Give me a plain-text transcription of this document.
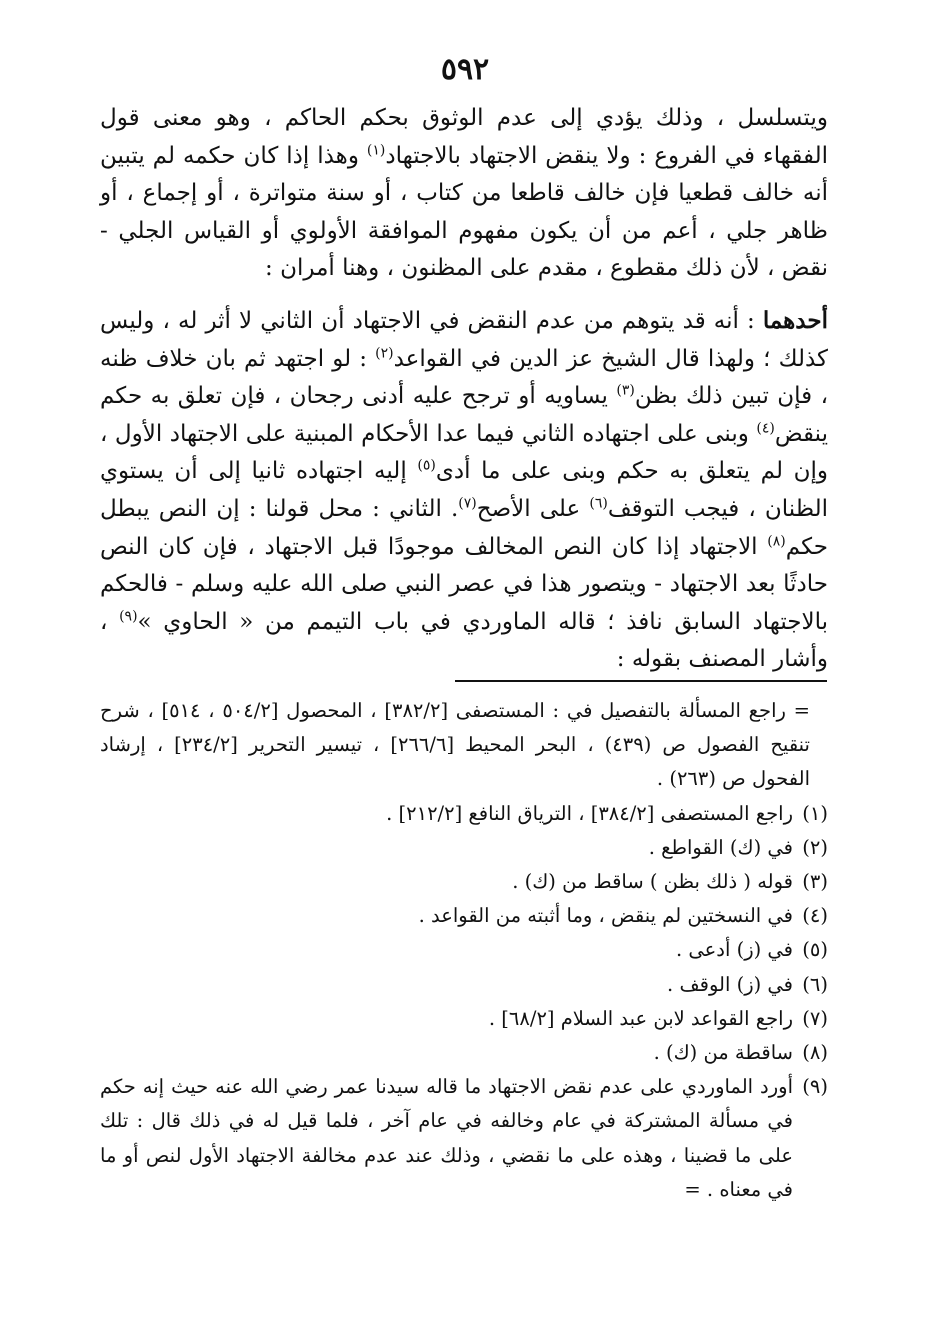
٥٩٢

ويتسلسل ، وذلك يؤدي إلى عدم الوثوق بحكم الحاكم ، وهو معنى قول الفقهاء في الفروع : ولا ينقض الاجتهاد بالاجتهاد$^{(١)}$ وهذا إذا كان حكمه لم يتبين أنه خالف قطعيا فإن خالف قاطعا من كتاب ، أو سنة متواترة ، أو إجماع ، أو ظاهر جلي ، أعم من أن يكون مفهوم الموافقة الأولوي أو القياس الجلي - نقض ، لأن ذلك مقطوع ، مقدم على المظنون ، وهنا أمران :

أحدهما : أنه قد يتوهم من عدم النقض في الاجتهاد أن الثاني لا أثر له ، وليس كذلك ؛ ولهذا قال الشيخ عز الدين في القواعد$^{(٢)}$ : لو اجتهد ثم بان خلاف ظنه ، فإن تبين ذلك بظن$^{(٣)}$ يساويه أو ترجح عليه أدنى رجحان ، فإن تعلق به حكم ينقض$^{(٤)}$ وبنى على اجتهاده الثاني فيما عدا الأحكام المبنية على الاجتهاد الأول ، وإن لم يتعلق به حكم وبنى على ما أدى$^{(٥)}$ إليه اجتهاده ثانيا إلى أن يستوي الظنان ، فيجب التوقف$^{(٦)}$ على الأصح$^{(٧)}$. الثاني : محل قولنا : إن النص يبطل حكم$^{(٨)}$ الاجتهاد إذا كان النص المخالف موجودًا قبل الاجتهاد ، فإن كان النص حادثًا بعد الاجتهاد - ويتصور هذا في عصر النبي صلى الله عليه وسلم - فالحكم بالاجتهاد السابق نافذ ؛ قاله الماوردي في باب التيمم من « الحاوي »$^{(٩)}$ ، وأشار المصنف بقوله :

= راجع المسألة بالتفصيل في : المستصفى [٣٨٢/٢] ، المحصول [٥٠٤/٢ ، ٥١٤] ، شرح تنقيح الفصول ص (٤٣٩) ، البحر المحيط [٢٦٦/٦] ، تيسير التحرير [٢٣٤/٢] ، إرشاد الفحول ص (٢٦٣) .

(١)
راجع المستصفى [٣٨٤/٢] ، الترياق النافع [٢١٢/٢] .

(٢)
في (ك) القواطع .

(٣)
قوله ( ذلك بظن ) ساقط من (ك) .

(٤)
في النسختين لم ينقض ، وما أثبته من القواعد .

(٥)
في (ز) أدعى .

(٦)
في (ز) الوقف .

(٧)
راجع القواعد لابن عبد السلام [٦٨/٢] .

(٨)
ساقطة من (ك) .

(٩)
أورد الماوردي على عدم نقض الاجتهاد ما قاله سيدنا عمر رضي الله عنه حيث إنه حكم في مسألة المشتركة في عام وخالفه في عام آخر ، فلما قيل له في ذلك قال : تلك على ما قضينا ، وهذه على ما نقضي ، وذلك عند عدم مخالفة الاجتهاد الأول لنص أو ما في معناه . =
